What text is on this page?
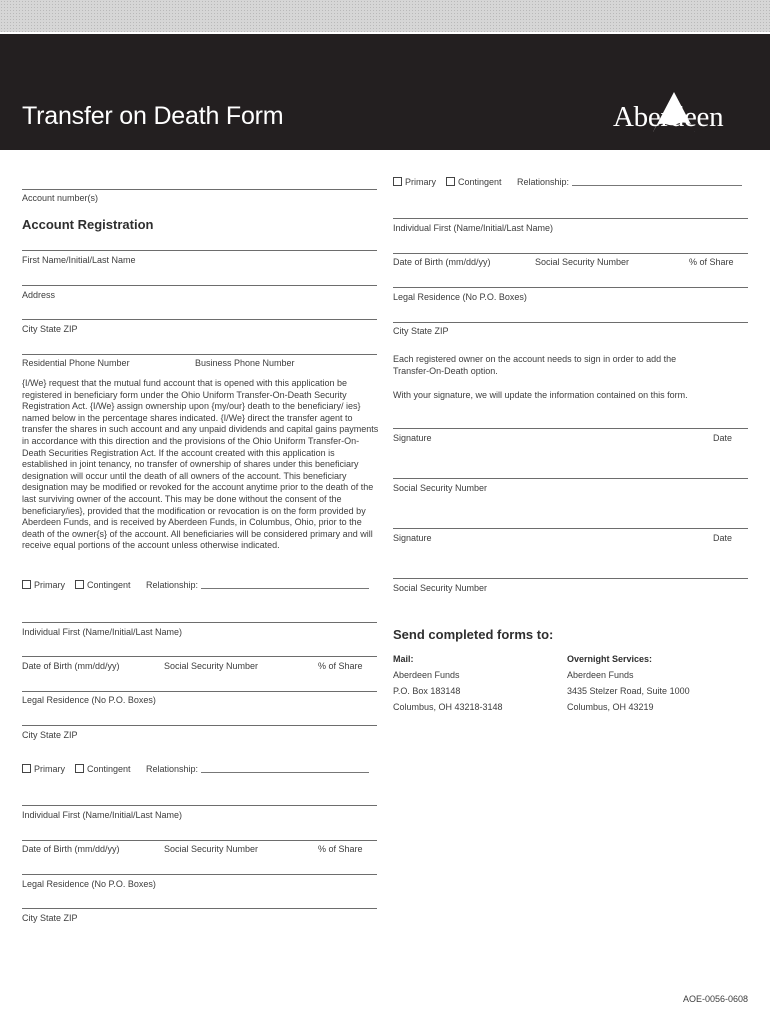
Transfer on Death Form	Aberdeen
Account number(s)
Account Registration
First Name/Initial/Last Name
Address
City State ZIP
Residential Phone Number	Business Phone Number
{I/We} request that the mutual fund account that is opened with this application be registered in beneficiary form under the Ohio Uniform Transfer-On-Death Security Registration Act. {I/We} assign ownership upon {my/our} death to the beneficiary/ ies} named below in the percentage shares indicated. {I/We} direct the transfer agent to transfer the shares in such account and any unpaid dividends and capital gains payments in accordance with this direction and the provisions of the Ohio Uniform Transfer-On-Death Securities Registration Act. If the account created with this application is established in joint tenancy, no transfer of ownership of shares under this beneficiary designation will occur until the death of all owners of the account. This beneficiary designation may be modified or revoked for the account anytime prior to the death of the last surviving owner of the account. This may be done without the consent of the beneficiary/ies}, provided that the modification or revocation is on the form provided by Aberdeen Funds, and is received by Aberdeen Funds, in Columbus, Ohio, prior to the death of the owner{s} of the account. All beneficiaries will be considered primary and will receive equal portions of the account unless otherwise indicated.
Primary	Contingent Relationship:
Individual First (Name/Initial/Last Name)
Date of Birth (mm/dd/yy)	Social Security Number	% of Share
Legal Residence (No P.O. Boxes)
City State ZIP
Primary	Contingent Relationship:
Individual First (Name/Initial/Last Name)
Date of Birth (mm/dd/yy)	Social Security Number	% of Share
Legal Residence (No P.O. Boxes)
City State ZIP
Primary	Contingent Relationship:
Individual First (Name/Initial/Last Name)
Date of Birth (mm/dd/yy)	Social Security Number	% of Share
Legal Residence (No P.O. Boxes)
City State ZIP
Each registered owner on the account needs to sign in order to add the Transfer-On-Death option.
With your signature, we will update the information contained on this form.
Signature	Date
Social Security Number
Signature	Date
Social Security Number
Send completed forms to:
Mail:
Aberdeen Funds
P.O. Box 183148
Columbus, OH 43218-3148
Overnight Services:
Aberdeen Funds
3435 Stelzer Road, Suite 1000
Columbus, OH 43219
AOE-0056-0608
